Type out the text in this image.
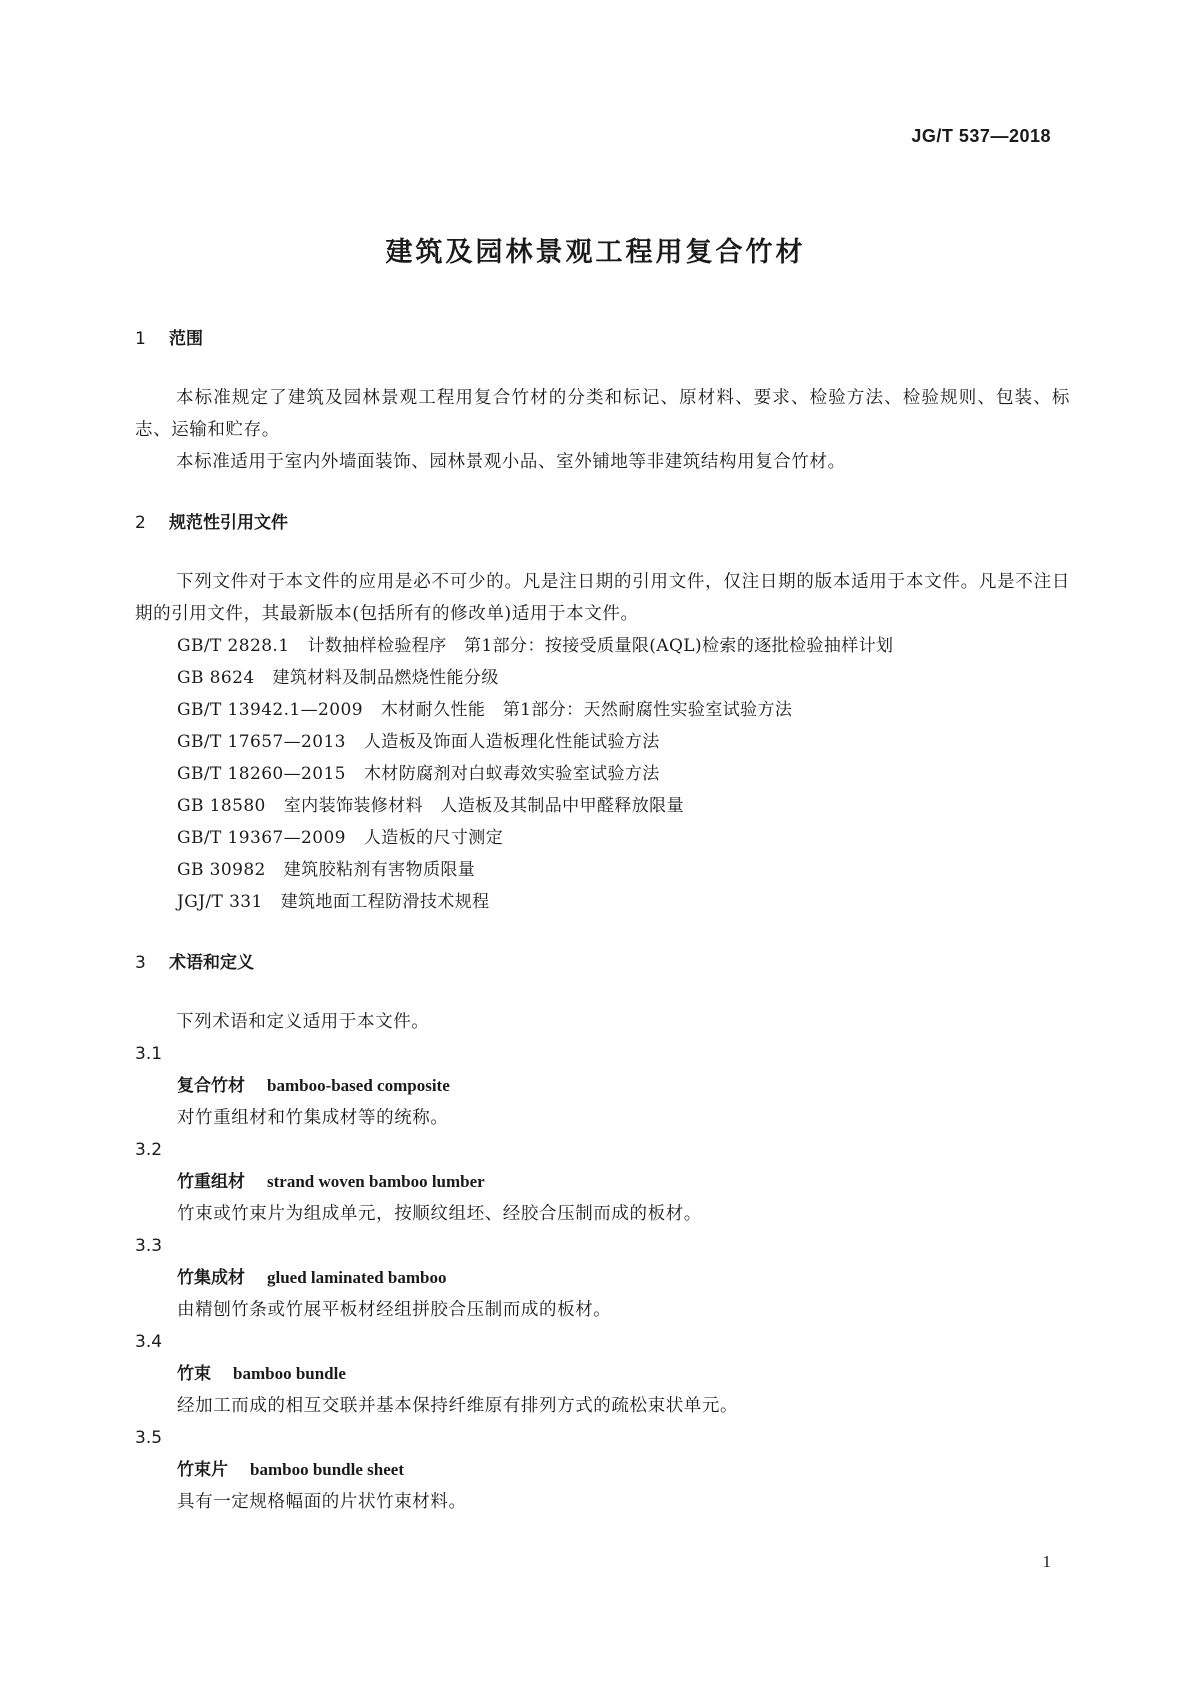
JG/T 537—2018
建筑及园林景观工程用复合竹材
1	范围
本标准规定了建筑及园林景观工程用复合竹材的分类和标记、原材料、要求、检验方法、检验规则、包装、标志、运输和贮存。
本标准适用于室内外墙面装饰、园林景观小品、室外铺地等非建筑结构用复合竹材。
2	规范性引用文件
下列文件对于本文件的应用是必不可少的。凡是注日期的引用文件，仅注日期的版本适用于本文件。凡是不注日期的引用文件，其最新版本(包括所有的修改单)适用于本文件。
GB/T 2828.1 计数抽样检验程序　第1部分：按接受质量限(AQL)检索的逐批检验抽样计划
GB 8624 建筑材料及制品燃烧性能分级
GB/T 13942.1—2009 木材耐久性能　第1部分：天然耐腐性实验室试验方法
GB/T 17657—2013 人造板及饰面人造板理化性能试验方法
GB/T 18260—2015 木材防腐剂对白蚁毒效实验室试验方法
GB 18580 室内装饰装修材料　人造板及其制品中甲醛释放限量
GB/T 19367—2009 人造板的尺寸测定
GB 30982 建筑胶粘剂有害物质限量
JGJ/T 331 建筑地面工程防滑技术规程
3	术语和定义
下列术语和定义适用于本文件。
3.1
复合竹材 bamboo-based composite
对竹重组材和竹集成材等的统称。
3.2
竹重组材 strand woven bamboo lumber
竹束或竹束片为组成单元，按顺纹组坯、经胶合压制而成的板材。
3.3
竹集成材 glued laminated bamboo
由精刨竹条或竹展平板材经组拼胶合压制而成的板材。
3.4
竹束 bamboo bundle
经加工而成的相互交联并基本保持纤维原有排列方式的疏松束状单元。
3.5
竹束片 bamboo bundle sheet
具有一定规格幅面的片状竹束材料。
1
